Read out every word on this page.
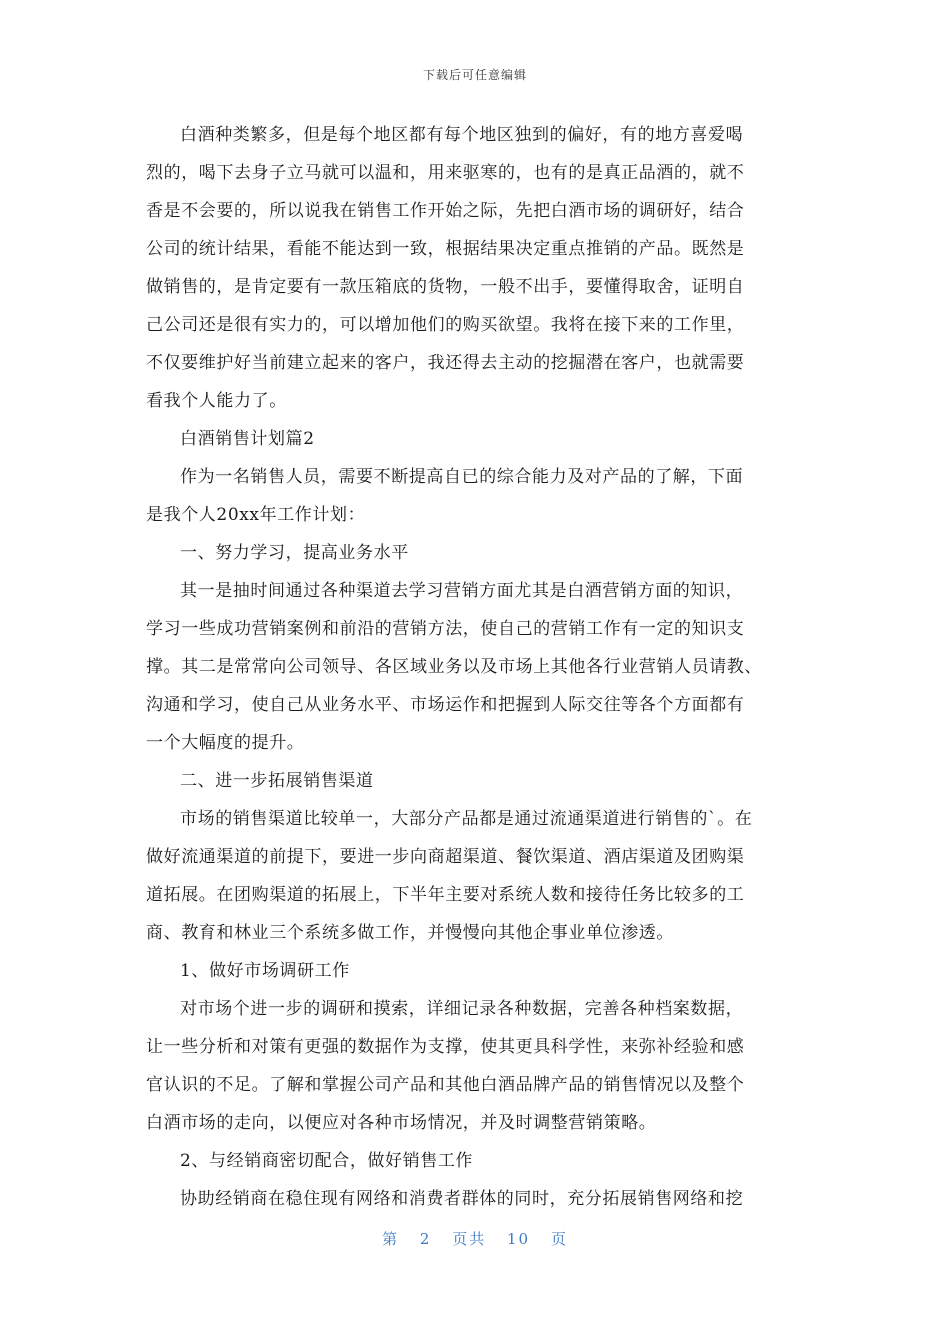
下载后可任意编辑
白酒种类繁多，但是每个地区都有每个地区独到的偏好，有的地方喜爱喝
烈的，喝下去身子立马就可以温和，用来驱寒的，也有的是真正品酒的，就不
香是不会要的，所以说我在销售工作开始之际，先把白酒市场的调研好，结合
公司的统计结果，看能不能达到一致，根据结果决定重点推销的产品。既然是
做销售的，是肯定要有一款压箱底的货物，一般不出手，要懂得取舍，证明自
己公司还是很有实力的，可以增加他们的购买欲望。我将在接下来的工作里，
不仅要维护好当前建立起来的客户，我还得去主动的挖掘潜在客户，也就需要
看我个人能力了。
白酒销售计划篇2
作为一名销售人员，需要不断提高自已的综合能力及对产品的了解，下面
是我个人20xx年工作计划：
一、努力学习，提高业务水平
其一是抽时间通过各种渠道去学习营销方面尤其是白酒营销方面的知识，
学习一些成功营销案例和前沿的营销方法，使自己的营销工作有一定的知识支
撑。其二是常常向公司领导、各区域业务以及市场上其他各行业营销人员请教、
沟通和学习，使自己从业务水平、市场运作和把握到人际交往等各个方面都有
一个大幅度的提升。
二、进一步拓展销售渠道
市场的销售渠道比较单一，大部分产品都是通过流通渠道进行销售的`。在
做好流通渠道的前提下，要进一步向商超渠道、餐饮渠道、酒店渠道及团购渠
道拓展。在团购渠道的拓展上，下半年主要对系统人数和接待任务比较多的工
商、教育和林业三个系统多做工作，并慢慢向其他企事业单位渗透。
1、做好市场调研工作
对市场个进一步的调研和摸索，详细记录各种数据，完善各种档案数据，
让一些分析和对策有更强的数据作为支撑，使其更具科学性，来弥补经验和感
官认识的不足。了解和掌握公司产品和其他白酒品牌产品的销售情况以及整个
白酒市场的走向，以便应对各种市场情况，并及时调整营销策略。
2、与经销商密切配合，做好销售工作
协助经销商在稳住现有网络和消费者群体的同时，充分拓展销售网络和挖
第 2 页共 10 页
